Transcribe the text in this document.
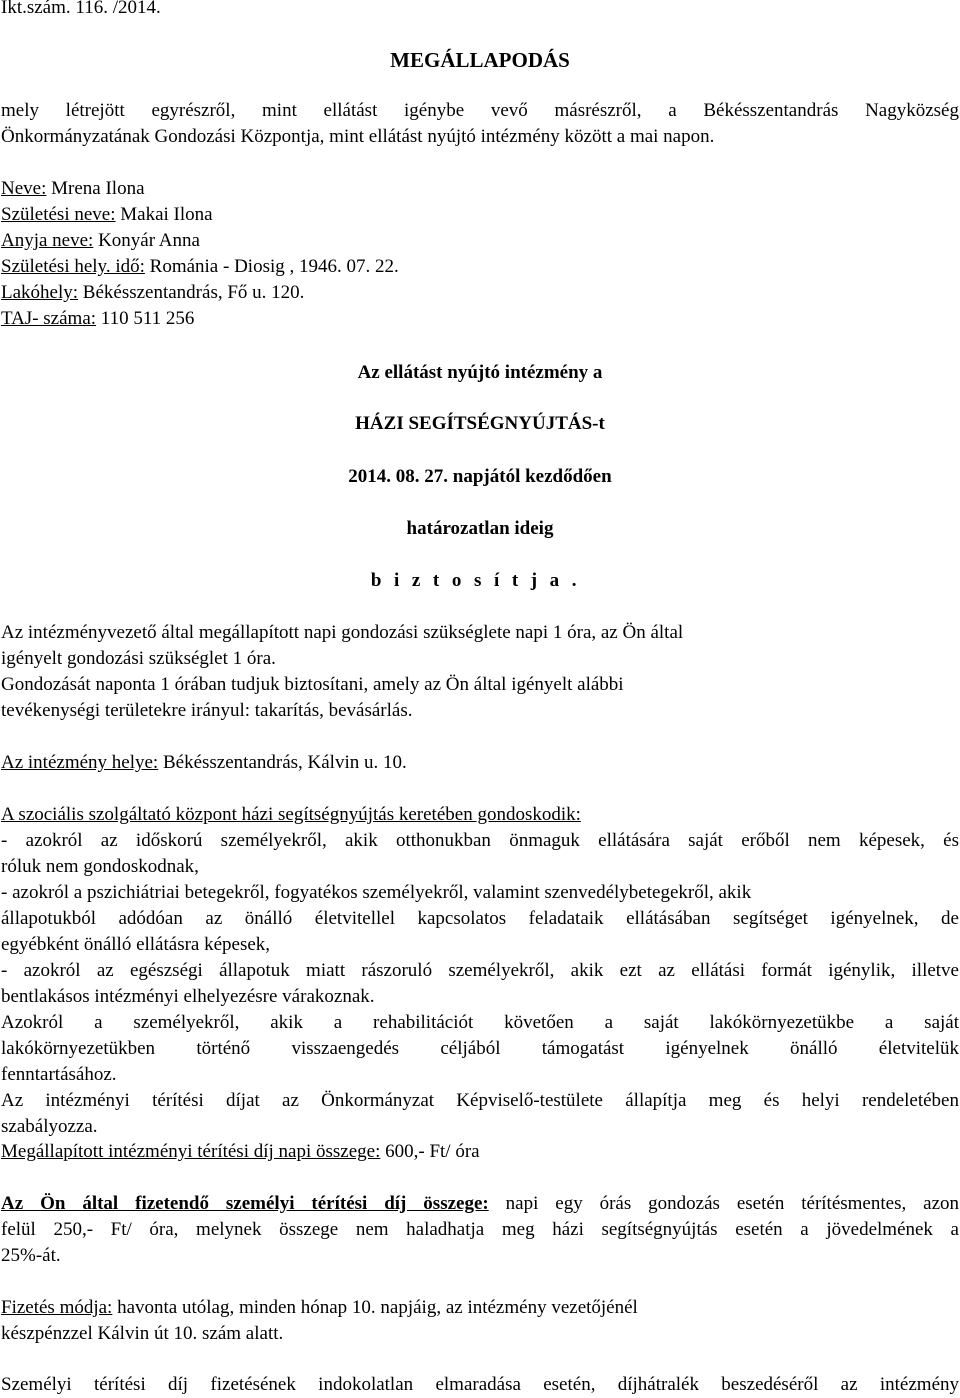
Ikt.szám. 116. /2014.

MEGÁLLAPODÁS

mely létrejött egyrészről, mint ellátást igénybe vevő másrészről, a Békésszentandrás Nagyközség

Önkormányzatának Gondozási Központja, mint ellátást nyújtó intézmény között a mai napon.

Neve: Mrena Ilona

Születési neve: Makai Ilona

Anyja neve: Konyár Anna

Születési hely. idő: Románia - Diosig , 1946. 07. 22.

Lakóhely: Békésszentandrás, Fő u. 120.

TAJ- száma: 110 511 256

Az ellátást nyújtó intézmény a

HÁZI SEGÍTSÉGNYÚJTÁS-t

2014. 08. 27. napjától kezdődően

határozatlan ideig

biztosítja.

Az intézményvezető által megállapított napi gondozási szükséglete napi 1 óra, az Ön által

igényelt gondozási szükséglet 1 óra.

Gondozását naponta 1 órában tudjuk biztosítani, amely az Ön által igényelt alábbi

tevékenységi területekre irányul: takarítás, bevásárlás.

Az intézmény helye: Békésszentandrás, Kálvin u. 10.

A szociális szolgáltató központ házi segítségnyújtás keretében gondoskodik:

- azokról az időskorú személyekről, akik otthonukban önmaguk ellátására saját erőből nem képesek, és

róluk nem gondoskodnak,

- azokról a pszichiátriai betegekről, fogyatékos személyekről, valamint szenvedélybetegekről, akik

állapotukból adódóan az önálló életvitellel kapcsolatos feladataik ellátásában segítséget igényelnek, de

egyébként önálló ellátásra képesek,

- azokról az egészségi állapotuk miatt rászoruló személyekről, akik ezt az ellátási formát igénylik, illetve

bentlakásos intézményi elhelyezésre várakoznak.

Azokról a személyekről, akik a rehabilitációt követően a saját lakókörnyezetükbe a saját

lakókörnyezetükben történő visszaengedés céljából támogatást igényelnek önálló életvitelük

fenntartásához.

Az intézményi térítési díjat az Önkormányzat Képviselő-testülete állapítja meg és helyi rendeletében

szabályozza.

Megállapított intézményi térítési díj napi összege: 600,- Ft/ óra

Az Ön által fizetendő személyi térítési díj összege: napi egy órás gondozás esetén térítésmentes, azon

felül 250,- Ft/ óra, melynek összege nem haladhatja meg házi segítségnyújtás esetén a jövedelmének a

25%-át.

Fizetés módja: havonta utólag, minden hónap 10. napjáig, az intézmény vezetőjénél

készpénzzel Kálvin út 10. szám alatt.

Személyi térítési díj fizetésének indokolatlan elmaradása esetén, díjhátralék beszedéséről az intézmény
